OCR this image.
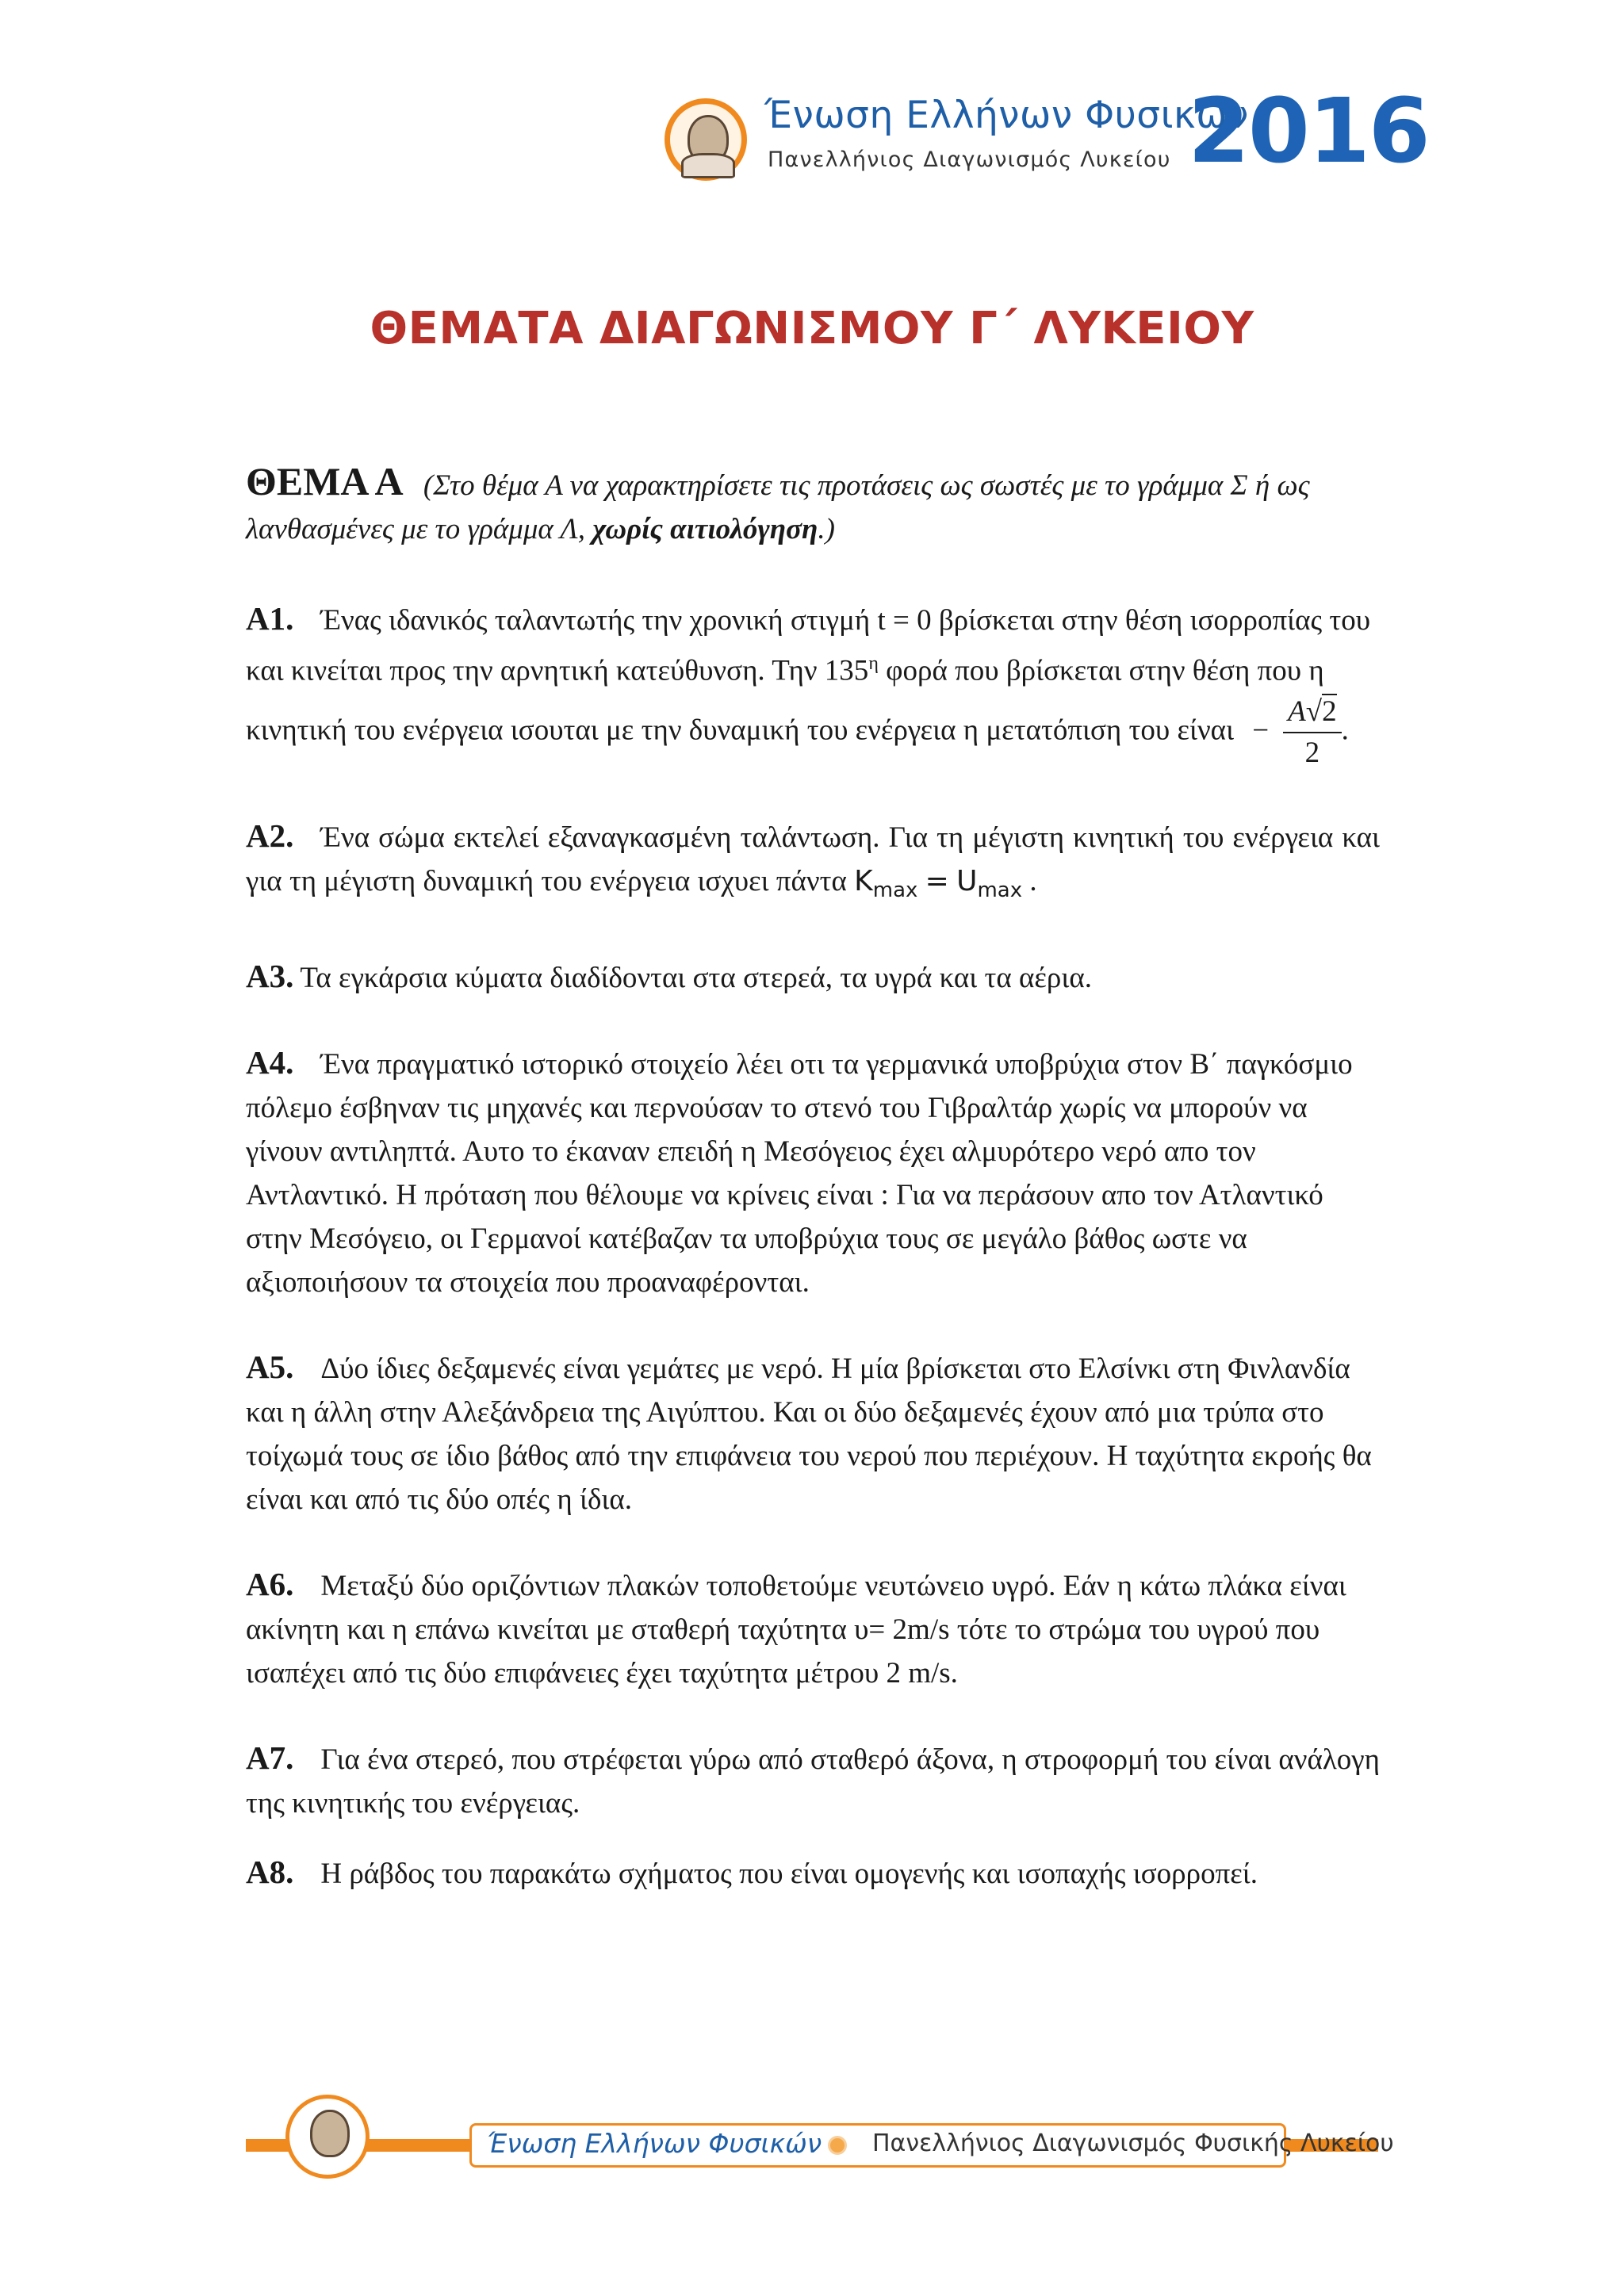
Ένωση Ελλήνων Φυσικών
Πανελλήνιος Διαγωνισμός Λυκείου 2016
ΘΕΜΑΤΑ ΔΙΑΓΩΝΙΣΜΟΥ Γ΄ ΛΥΚΕΙΟΥ

ΘΕΜΑ Α (Στο θέμα Α να χαρακτηρίσετε τις προτάσεις ως σωστές με το γράμμα Σ ή ως λανθασμένες με το γράμμα Λ, χωρίς αιτιολόγηση.)

Α1. Ένας ιδανικός ταλαντωτής την χρονική στιγμή t = 0 βρίσκεται στην θέση ισορροπίας του και κινείται προς την αρνητική κατεύθυνση. Την $135^\eta$ φορά που βρίσκεται στην θέση που η κινητική του ενέργεια ισουται με την δυναμική του ενέργεια η μετατόπιση του $\varepsilon ί\nu\alpha\iota - \frac{A√2}{2}$ .

Α2. Ένα σώμα εκτελεί εξαναγκασμένη ταλάντωση. Για τη μέγιστη κινητική του ενέργεια και για τη μέγιστη δυναμική του ενέργεια ισχυει πάντα $K_{max} = U_{max}$ .

Α3. Τα εγκάρσια κύματα διαδίδονται στα στερεά, τα υγρά και τα αέρια.

Α4. Ένα πραγματικό ιστορικό στοιχείο λέει οτι τα γερμανικά υποβρύχια στον Β΄ παγκόσμιο πόλεμο έσβηναν τις μηχανές και περνούσαν το στενό του Γιβραλτάρ χωρίς να μπορούν να γίνουν αντιληπτά. Αυτο το έκαναν επειδή η Μεσόγειος έχει αλμυρότερο νερό απο τον Αντλαντικό. Η πρόταση που θέλουμε να κρίνεις είναι : Για να περάσουν απο τον Ατλαντικό στην Μεσόγειο, οι Γερμανοί κατέβαζαν τα υποβρύχια τους σε μεγάλο βάθος ωστε να αξιοποιήσουν τα στοιχεία που προαναφέρονται.

Α5. Δύο ίδιες δεξαμενές είναι γεμάτες με νερό. Η μία βρίσκεται στο Ελσίνκι στη Φινλανδία και η άλλη στην Αλεξάνδρεια της Αιγύπτου. Και οι δύο δεξαμενές έχουν από μια τρύπα στο τοίχωμά τους σε ίδιο βάθος από την επιφάνεια του νερού που περιέχουν. Η ταχύτητα εκροής θα είναι και από τις δύο οπές η ίδια.

Α6. Μεταξύ δύο οριζόντιων πλακών τοποθετούμε νευτώνειο υγρό. Εάν η κάτω πλάκα είναι ακίνητη και η επάνω κινείται με σταθερή ταχύτητα υ= 2m/s τότε το στρώμα του υγρού που ισαπέχει από τις δύο επιφάνειες έχει ταχύτητα μέτρου 2 m/s.

Α7. Για ένα στερεό, που στρέφεται γύρω από σταθερό άξονα, η στροφορμή του είναι ανάλογη της κινητικής του ενέργειας.

Α8. Η ράβδος του παρακάτω σχήματος που είναι ομογενής και ισοπαχής ισορροπεί.

Ένωση Ελλήνων Φυσικών Πανελλήνιος Διαγωνισμός Φυσικής Λυκείου
